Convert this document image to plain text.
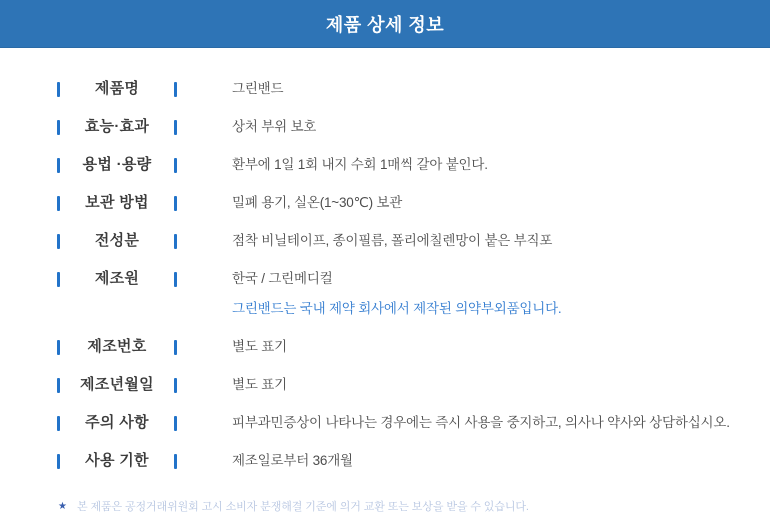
제품 상세 정보
제품명	그린밴드
효능·효과	상처 부위 보호
용법 ·용량	환부에 1일 1회 내지 수회 1매씩 갈아 붙인다.
보관 방법	밀폐 용기, 실온(1~30℃) 보관
전성분	점착 비닐테이프, 종이필름, 폴리에칠렌망이 붙은 부직포
제조원	한국 / 그린메디컬
그린밴드는 국내 제약 회사에서 제작된 의약부외품입니다.
제조번호	별도 표기
제조년월일	별도 표기
주의 사항	피부과민증상이 나타나는 경우에는 즉시 사용을 중지하고, 의사나 약사와 상담하십시오.
사용 기한	제조일로부터 36개월
★ 본 제품은 공정거래위원회 고시 소비자 분쟁해결 기준에 의거 교환 또는 보상을 받을 수 있습니다.
